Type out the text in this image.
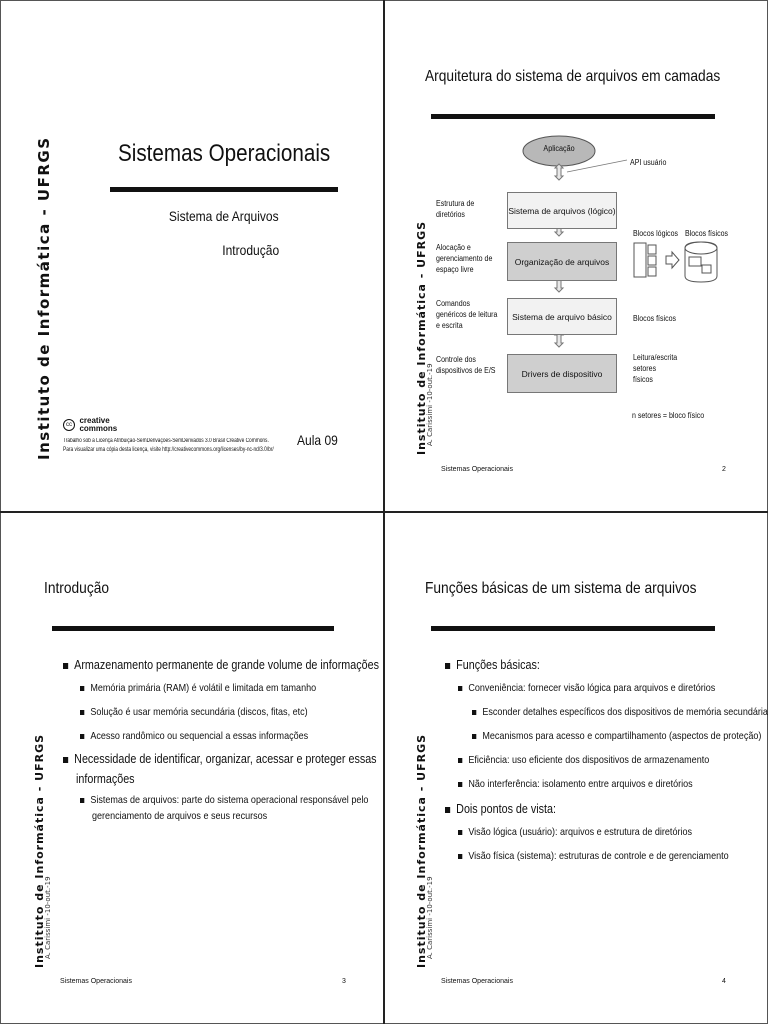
Instituto de Informática - UFRGS	Sistemas Operacionais
Sistema de Arquivos
Introdução
cc creative commons
Trabalho sob a Licença Atribuição-SemDerivações-SemDerivados 3.0 Brasil Creative Commons.
Para visualizar uma cópia desta licença, visite http://creativecommons.org/licenses/by-nc-nd/3.0/br/
Aula 09	Instituto de Informática - UFRGS
A. Carissimi -10-out.-19
Arquitetura do sistema de arquivos em camadas
Aplicação
API usuário
Estrutura de diretórios	Sistema de arquivos (lógico)
Alocação e gerenciamento de espaço livre
Organização de arquivos
Blocos lógicos Blocos físicos
Comandos genéricos de leitura e escrita
Sistema de arquivo básico	Blocos físicos
Controle dos dispositivos de E/S	Drivers de dispositivo
Leitura/escrita setores físicos
n setores = bloco físico
Sistemas Operacionais	2
Instituto de Informática - UFRGS
A. Carissimi -10-out.-19
Introdução
Armazenamento permanente de grande volume de informações
Memória primária (RAM) é volátil e limitada em tamanho
Solução é usar memória secundária (discos, fitas, etc)
Acesso randômico ou sequencial a essas informações
Necessidade de identificar, organizar, acessar e proteger essas
informações
Sistemas de arquivos: parte do sistema operacional responsável pelo
gerenciamento de arquivos e seus recursos
Sistemas Operacionais	3
Instituto de Informática - UFRGS
A. Carissimi -10-out.-19
Funções básicas de um sistema de arquivos
Funções básicas:
Conveniência: fornecer visão lógica para arquivos e diretórios
Esconder detalhes específicos dos dispositivos de memória secundária
Mecanismos para acesso e compartilhamento (aspectos de proteção)
Eficiência: uso eficiente dos dispositivos de armazenamento
Não interferência: isolamento entre arquivos e diretórios
Dois pontos de vista:
Visão lógica (usuário): arquivos e estrutura de diretórios
Visão física (sistema): estruturas de controle e de gerenciamento
Sistemas Operacionais	4
